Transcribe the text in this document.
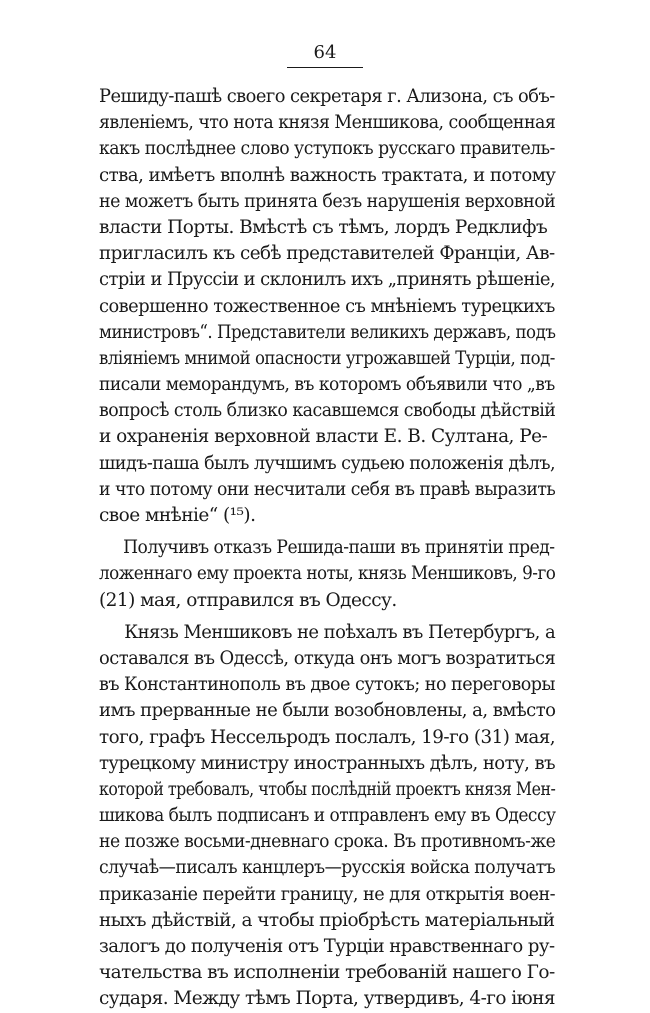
64
Решиду-пашѣ своего секретаря г. Ализона, съ объ-
явленіемъ, что нота князя Меншикова, сообщенная
какъ послѣднее слово уступокъ русскаго правитель-
ства, имѣетъ вполнѣ важность трактата, и потому
не можетъ быть принята безъ нарушенія верховной
власти Порты. Вмѣстѣ съ тѣмъ, лордъ Редклифъ
пригласилъ къ себѣ представителей Франціи, Ав-
стріи и Пруссіи и склонилъ ихъ „принять рѣшеніе,
совершенно тожественное съ мнѣніемъ турецкихъ
министровъ“. Представители великихъ державъ, подъ
вліяніемъ мнимой опасности угрожавшей Турціи, под-
писали меморандумъ, въ которомъ объявили что „въ
вопросѣ столь близко касавшемся свободы дѣйствій
и охраненія верховной власти Е. В. Султана, Ре-
шидъ-паша былъ лучшимъ судьею положенія дѣлъ,
и что потому они несчитали себя въ правѣ выразить
свое мнѣніе“ (¹⁵).
Получивъ отказъ Решида-паши въ принятіи пред-
ложеннаго ему проекта ноты, князь Меншиковъ, 9-го
(21) мая, отправился въ Одессу.
Князь Меншиковъ не поѣхалъ въ Петербургъ, а
оставался въ Одессѣ, откуда онъ могъ возратиться
въ Константинополь въ двое сутокъ; но переговоры
имъ прерванные не были возобновлены, а, вмѣсто
того, графъ Нессельродъ послалъ, 19-го (31) мая,
турецкому министру иностранныхъ дѣлъ, ноту, въ
которой требовалъ, чтобы послѣдній проектъ князя Мен-
шикова былъ подписанъ и отправленъ ему въ Одессу
не позже восьми-дневнаго срока. Въ противномъ-же
случаѣ—писалъ канцлеръ—русскія войска получатъ
приказаніе перейти границу, не для открытія воен-
ныхъ дѣйствій, а чтобы пріобрѣсть матеріальный
залогъ до полученія отъ Турціи нравственнаго ру-
чательства въ исполненіи требованій нашего Го-
сударя. Между тѣмъ Порта, утвердивъ, 4-го іюня
